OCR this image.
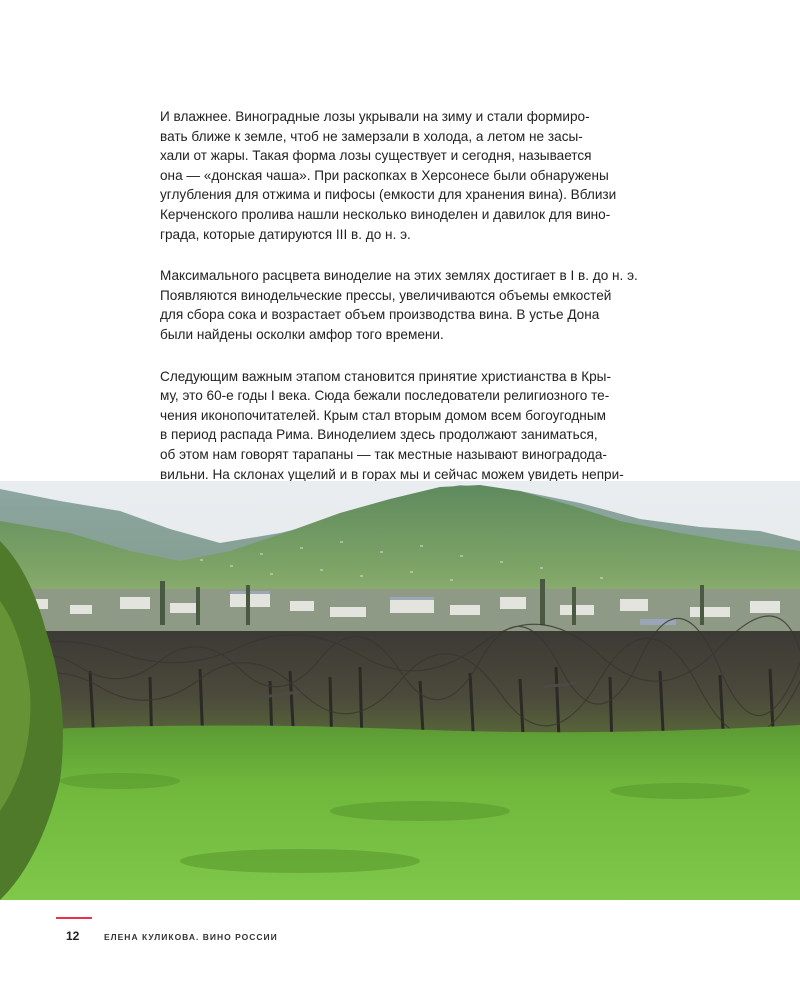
И влажнее. Виноградные лозы укрывали на зиму и стали формиро-
вать ближе к земле, чтоб не замерзали в холода, а летом не засы-
хали от жары. Такая форма лозы существует и сегодня, называется
она — «донская чаша». При раскопках в Херсонесе были обнаружены
углубления для отжима и пифосы (емкости для хранения вина). Вблизи
Керченского пролива нашли несколько виноделен и давилок для вино-
града, которые датируются III в. до н. э.

Максимального расцвета виноделие на этих землях достигает в I в. до н. э.
Появляются винодельческие прессы, увеличиваются объемы емкостей
для сбора сока и возрастает объем производства вина. В устье Дона
были найдены осколки амфор того времени.

Следующим важным этапом становится принятие христианства в Кры-
му, это 60-е годы I века. Сюда бежали последователи религиозного те-
чения иконопочитателей. Крым стал вторым домом всем богоугодным
в период распада Рима. Виноделием здесь продолжают заниматься,
об этом нам говорят тарапаны — так местные называют виноградода-
вильни. На склонах ущелий и в горах мы и сейчас можем увидеть непри-

12	ЕЛЕНА КУЛИКОВА. ВИНО РОССИИ
